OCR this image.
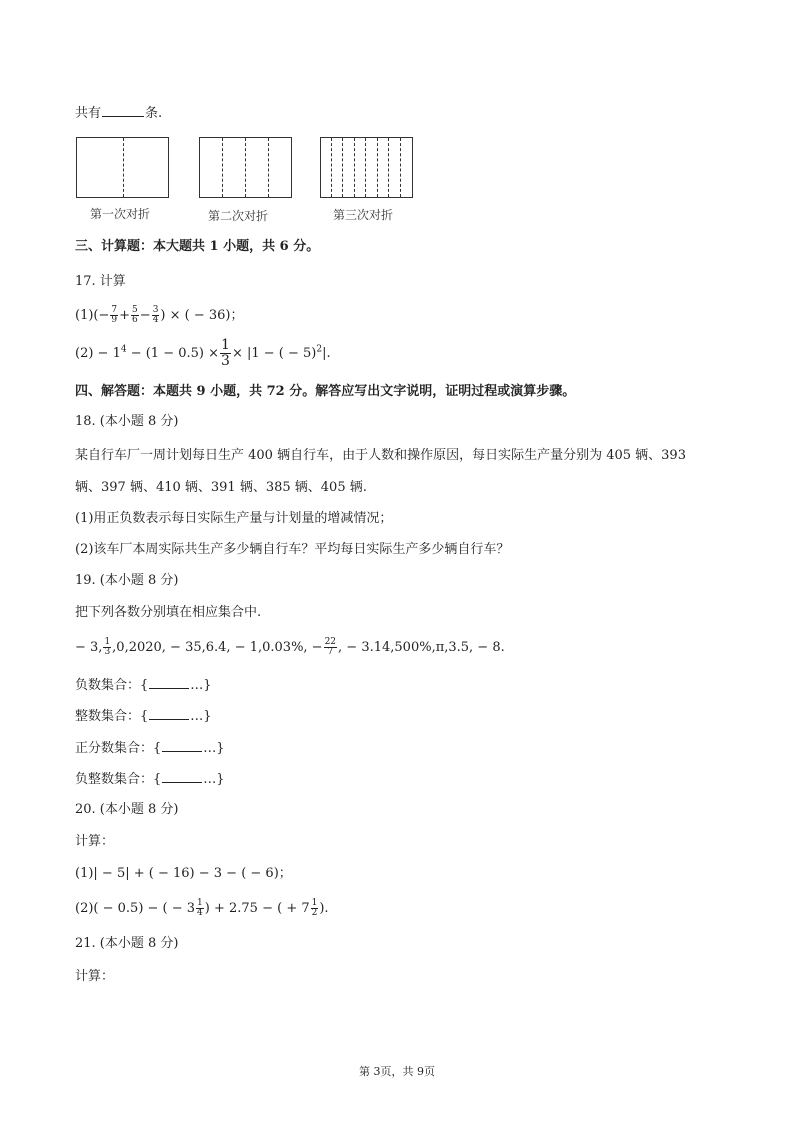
共有	条.
第一次对折	第二次对折	第三次对折
三、计算题：本大题共 1 小题，共 6 分。
17. 计算
$(1)(- \frac{7}{9} + \frac{5}{6} - \frac{3}{4}$ ) × ( − 36)；
$(2) - 1^4 - (1 - 0.5) \times \frac{1}{3} \times |1$ − ( − 5)$^2$|.
四、解答题：本题共 9 小题，共 72 分。解答应写出文字说明，证明过程或演算步骤。
18. (本小题 8 分)
某自行车厂一周计划每日生产 400 辆自行车，由于人数和操作原因，每日实际生产量分别为 405 辆、393
辆、397 辆、410 辆、391 辆、385 辆、405 辆.
(1)用正负数表示每日实际生产量与计划量的增减情况；
(2)该车厂本周实际共生产多少辆自行车？平均每日实际生产多少辆自行车？
19. (本小题 8 分)
把下列各数分别填在相应集合中.
− 3, $\frac{1}{3} ,0,2020$, − 35,6.4, − 1,0.03%, − $\frac{22}{7}$ , − 3.14,500%,π,3.5, − 8.
负数集合：{	…}
整数集合：{	…}
正分数集合：{	…}
负整数集合：{	…}
20. (本小题 8 分)
计算：
(1)| − 5| + ( − 16) − 3 − ( − 6)；
(2)( − 0.5) − ( − $3 \frac{1}{4}$ ) + 2.75 − ( + $7 \frac{1}{2}$ ).
21. (本小题 8 分)
计算：
第 3页，共 9页
